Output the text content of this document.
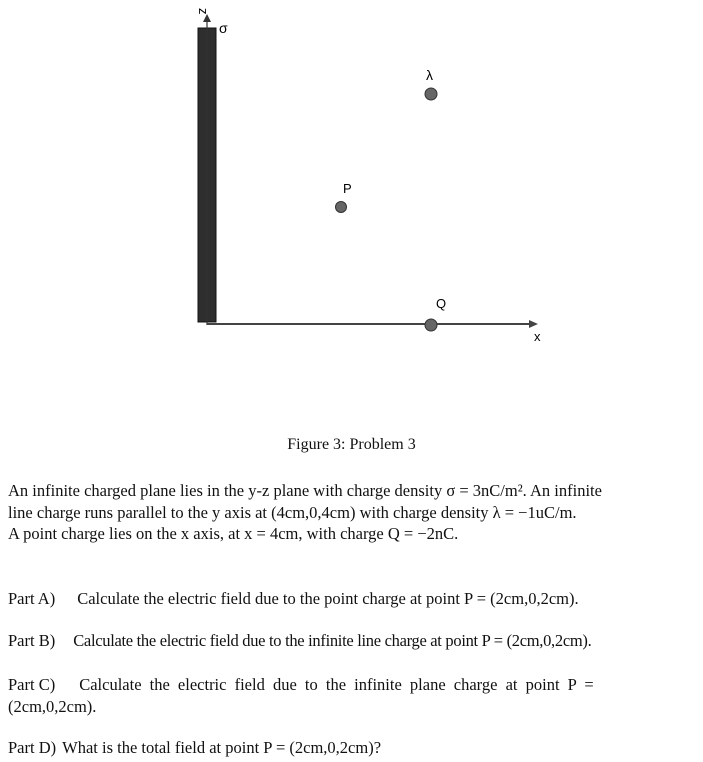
z
σ
x
λ
P
Q
Figure 3: Problem 3
An infinite charged plane lies in the y-z plane with charge density σ = 3nC/m². An infinite
line charge runs parallel to the y axis at (4cm,0,4cm) with charge density λ = −1uC/m.
A point charge lies on the x axis, at x = 4cm, with charge Q = −2nC.
Part A) Calculate the electric field due to the point charge at point P = (2cm,0,2cm).
Part B) Calculate the electric field due to the infinite line charge at point P = (2cm,0,2cm).
Part C) Calculate the electric field due to the infinite plane charge at point P =
(2cm,0,2cm).
Part D) What is the total field at point P = (2cm,0,2cm)?
